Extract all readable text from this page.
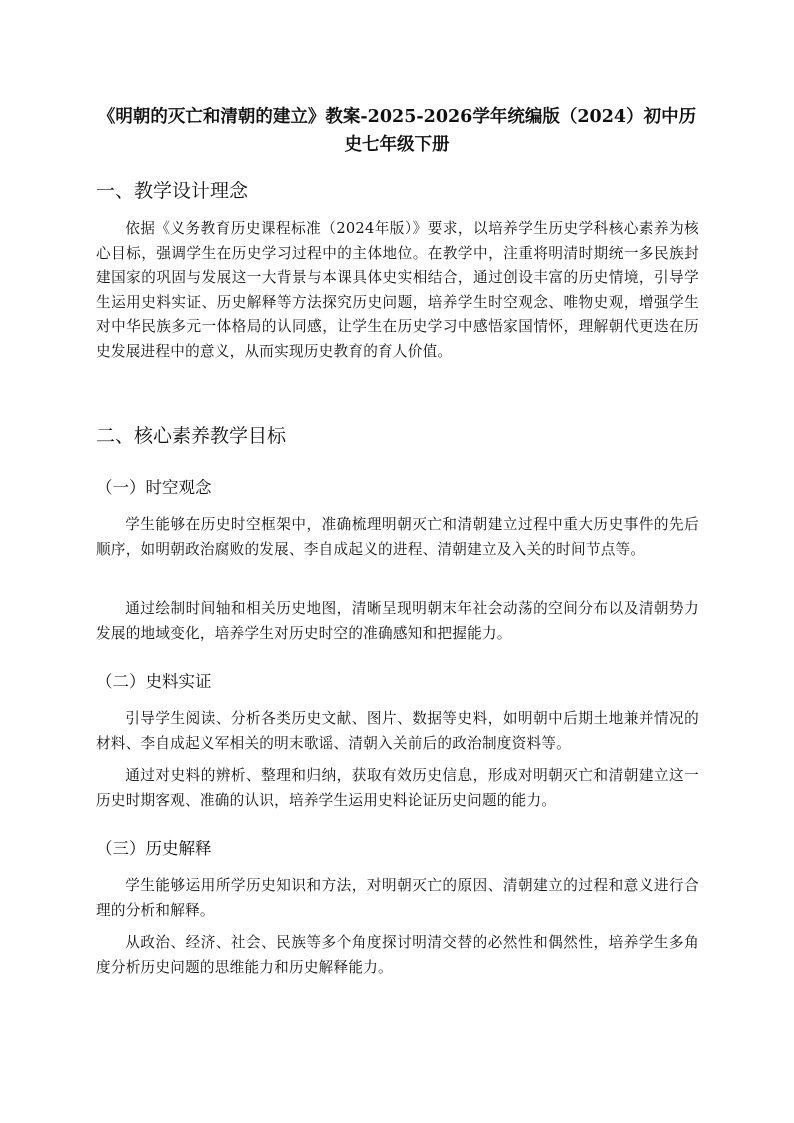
《明朝的灭亡和清朝的建立》教案-2025-2026学年统编版（2024）初中历史七年级下册
一、教学设计理念

依据《义务教育历史课程标准（2024年版）》要求，以培养学生历史学科核心素养为核心目标，强调学生在历史学习过程中的主体地位。在教学中，注重将明清时期统一多民族封建国家的巩固与发展这一大背景与本课具体史实相结合，通过创设丰富的历史情境，引导学生运用史料实证、历史解释等方法探究历史问题，培养学生时空观念、唯物史观，增强学生对中华民族多元一体格局的认同感，让学生在历史学习中感悟家国情怀，理解朝代更迭在历史发展进程中的意义，从而实现历史教育的育人价值。

二、核心素养教学目标
（一）时空观念

学生能够在历史时空框架中，准确梳理明朝灭亡和清朝建立过程中重大历史事件的先后顺序，如明朝政治腐败的发展、李自成起义的进程、清朝建立及入关的时间节点等。

通过绘制时间轴和相关历史地图，清晰呈现明朝末年社会动荡的空间分布以及清朝势力发展的地域变化，培养学生对历史时空的准确感知和把握能力。

（二）史料实证

引导学生阅读、分析各类历史文献、图片、数据等史料，如明朝中后期土地兼并情况的材料、李自成起义军相关的明末歌谣、清朝入关前后的政治制度资料等。

通过对史料的辨析、整理和归纳，获取有效历史信息，形成对明朝灭亡和清朝建立这一历史时期客观、准确的认识，培养学生运用史料论证历史问题的能力。

（三）历史解释

学生能够运用所学历史知识和方法，对明朝灭亡的原因、清朝建立的过程和意义进行合理的分析和解释。

从政治、经济、社会、民族等多个角度探讨明清交替的必然性和偶然性，培养学生多角度分析历史问题的思维能力和历史解释能力。
